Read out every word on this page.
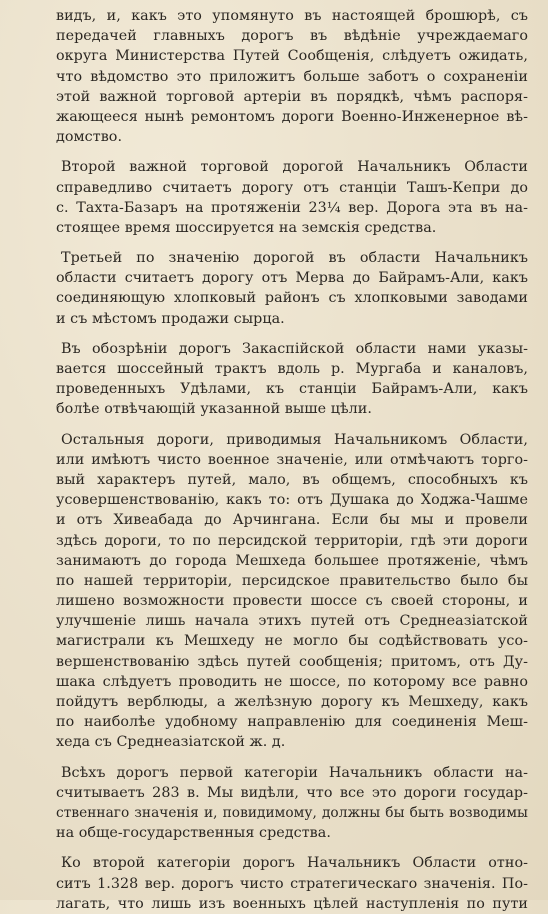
видъ, и, какъ это упомянуто въ настоящей брошюрѣ, съ
передачей главныхъ дорогъ въ вѣдѣніе учреждаемаго
округа Министерства Путей Сообщенія, слѣдуетъ ожидать,
что вѣдомство это приложитъ больше заботъ о сохраненіи
этой важной торговой артеріи въ порядкѣ, чѣмъ распоря-
жающееся нынѣ ремонтомъ дороги Военно-Инженерное вѣ-
домство.
Второй важной торговой дорогой Начальникъ Области
справедливо считаетъ дорогу отъ станціи Ташъ-Кепри до
с. Тахта-Базаръ на протяженіи 23¼ вер. Дорога эта въ на-
стоящее время шоссируется на земскія средства.
Третьей по значенію дорогой въ области Начальникъ
области считаетъ дорогу отъ Мерва до Байрамъ-Али, какъ
соединяющую хлопковый районъ съ хлопковыми заводами
и съ мѣстомъ продажи сырца.
Въ обозрѣніи дорогъ Закаспійской области нами указы-
вается шоссейный трактъ вдоль р. Мургаба и каналовъ,
проведенныхъ Удѣлами, къ станціи Байрамъ-Али, какъ
болѣе отвѣчающій указанной выше цѣли.
Остальныя дороги, приводимыя Начальникомъ Области,
или имѣютъ чисто военное значеніе, или отмѣчаютъ торго-
вый характеръ путей, мало, въ общемъ, способныхъ къ
усовершенствованію, какъ то: отъ Душака до Ходжа-Чашме
и отъ Хивеабада до Арчингана. Если бы мы и провели
здѣсь дороги, то по персидской территоріи, гдѣ эти дороги
занимаютъ до города Мешхеда большее протяженіе, чѣмъ
по нашей территоріи, персидское правительство было бы
лишено возможности провести шоссе съ своей стороны, и
улучшеніе лишь начала этихъ путей отъ Среднеазіатской
магистрали къ Мешхеду не могло бы содѣйствовать усо-
вершенствованію здѣсь путей сообщенія; притомъ, отъ Ду-
шака слѣдуетъ проводить не шоссе, по которому все равно
пойдутъ верблюды, а желѣзную дорогу къ Мешхеду, какъ
по наиболѣе удобному направленію для соединенія Меш-
хеда съ Среднеазіатской ж. д.
Всѣхъ дорогъ первой категоріи Начальникъ области на-
считываетъ 283 в. Мы видѣли, что все это дороги государ-
ственнаго значенія и, повидимому, должны бы быть возводимы
на обще-государственныя средства.
Ко второй категоріи дорогъ Начальникъ Области отно-
ситъ 1.328 вер. дорогъ чисто стратегическаго значенія. По-
лагать, что лишь изъ военныхъ цѣлей наступленія по пути
